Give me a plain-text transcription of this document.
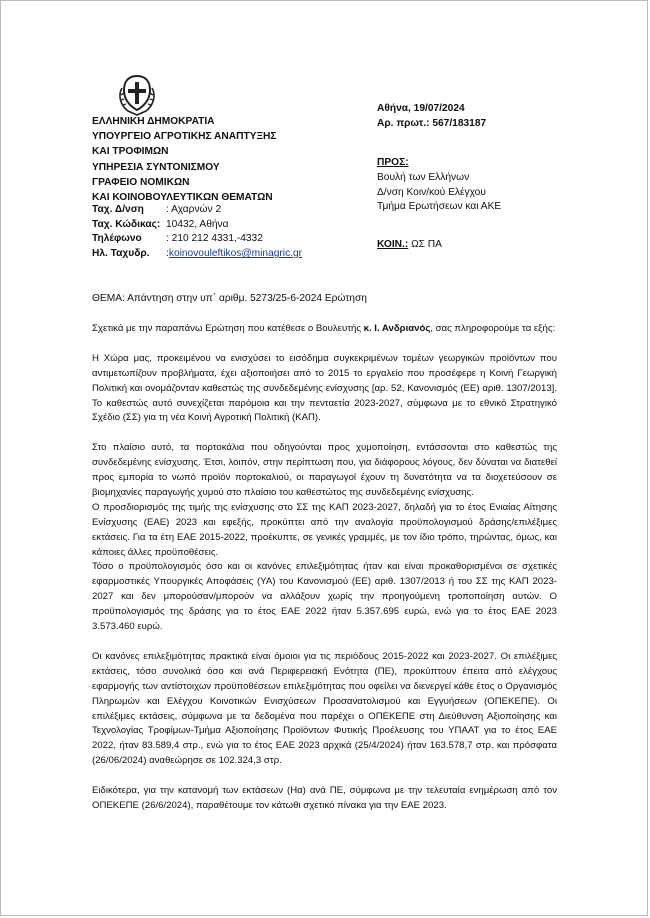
ΕΛΛΗΝΙΚΗ ΔΗΜΟΚΡΑΤΙΑ
ΥΠΟΥΡΓΕΙΟ ΑΓΡΟΤΙΚΗΣ ΑΝΑΠΤΥΞΗΣ
ΚΑΙ ΤΡΟΦΙΜΩΝ
ΥΠΗΡΕΣΙΑ ΣΥΝΤΟΝΙΣΜΟΥ
ΓΡΑΦΕΙΟ ΝΟΜΙΚΩΝ
ΚΑΙ ΚΟΙΝΟΒΟΥΛΕΥΤΙΚΩΝ ΘΕΜΑΤΩΝ
Ταχ. Δ/νση : Αχαρνών 2
Ταχ. Κώδικας:10432, Αθήνα
Τηλέφωνο : 210 212 4331,-4332
Ηλ. Ταχυδρ. :koinovouleftikos@minagric.gr
Αθήνα, 19/07/2024
Αρ. πρωτ.: 567/183187
ΠΡΟΣ:
Βουλή των Ελλήνων
Δ/νση Κοιν/κού Ελέγχου
Τμήμα Ερωτήσεων και ΑΚΕ
ΚΟΙΝ.: ΩΣ ΠΑ
ΘΕΜΑ: Απάντηση στην υπ΄ αριθμ. 5273/25-6-2024 Ερώτηση

Σχετικά με την παραπάνω Ερώτηση που κατέθεσε ο Βουλευτής κ. Ι. Ανδριανός, σας πληροφορούμε τα εξής:

Η Χώρα μας, προκειμένου να ενισχύσει το εισόδημα συγκεκριμένων τομέων γεωργικών προϊόντων που αντιμετωπίζουν προβλήματα, έχει αξιοποιήσει από το 2015 το εργαλείο που προσέφερε η Κοινή Γεωργική Πολιτική και ονομάζονταν καθεστώς της συνδεδεμένης ενίσχυσης [αρ. 52, Κανονισμός (ΕΕ) αριθ. 1307/2013]. Το καθεστώς αυτό συνεχίζεται παρόμοια και την πενταετία 2023-2027, σύμφωνα με το εθνικό Στρατηγικό Σχέδιο (ΣΣ) για τη νέα Κοινή Αγροτική Πολιτική (ΚΑΠ).

Στο πλαίσιο αυτό, τα πορτοκάλια που οδηγούνται προς χυμοποίηση, εντάσσονται στο καθεστώς της συνδεδεμένης ενίσχυσης. Έτσι, λοιπόν, στην περίπτωση που, για διάφορους λόγους, δεν δύναται να διατεθεί προς εμπορία το νωπό προϊόν πορτοκαλιού, οι παραγωγοί έχουν τη δυνατότητα να τα διοχετεύσουν σε βιομηχανίες παραγωγής χυμού στο πλαίσιο του καθεστώτος της συνδεδεμένης ενίσχυσης.

Ο προσδιορισμός της τιμής της ενίσχυσης στο ΣΣ της ΚΑΠ 2023-2027, δηλαδή για το έτος Ενιαίας Αίτησης Ενίσχυσης (ΕΑΕ) 2023 και εφεξής, προκύπτει από την αναλογία προϋπολογισμού δράσης/επιλέξιμες εκτάσεις. Για τα έτη ΕΑΕ 2015-2022, προέκυπτε, σε γενικές γραμμές, με τον ίδιο τρόπο, τηρώντας, όμως, και κάποιες άλλες προϋποθέσεις.

Τόσο ο προϋπολογισμός όσο και οι κανόνες επιλεξιμότητας ήταν και είναι προκαθορισμένοι σε σχετικές εφαρμοστικές Υπουργικές Αποφάσεις (ΥΑ) του Κανονισμού (ΕΕ) αριθ. 1307/2013 ή του ΣΣ της ΚΑΠ 2023-2027 και δεν μπορούσαν/μπορούν να αλλάξουν χωρίς την προηγούμενη τροποποίηση αυτών. Ο προϋπολογισμός της δράσης για το έτος ΕΑΕ 2022 ήταν 5.357.695 ευρώ, ενώ για το έτος ΕΑΕ 2023 3.573.460 ευρώ.

Οι κανόνες επιλεξιμότητας πρακτικά είναι όμοιοι για τις περιόδους 2015-2022 και 2023-2027. Οι επιλέξιμες εκτάσεις, τόσο συνολικά όσο και ανά Περιφερειακή Ενότητα (ΠΕ), προκύπτουν έπειτα από ελέγχους εφαρμογής των αντίστοιχων προϋποθέσεων επιλεξιμότητας που οφείλει να διενεργεί κάθε έτος ο Οργανισμός Πληρωμών και Ελέγχου Κοινοτικών Ενισχύσεων Προσανατολισμού και Εγγυήσεων (ΟΠΕΚΕΠΕ). Οι επιλέξιμες εκτάσεις, σύμφωνα με τα δεδομένα που παρέχει ο ΟΠΕΚΕΠΕ στη Διεύθυνση Αξιοποίησης και Τεχνολογίας Τροφίμων-Τμήμα Αξιοποίησης Προϊόντων Φυτικής Προέλευσης του ΥΠΑΑΤ για το έτος ΕΑΕ 2022, ήταν 83.589,4 στρ., ενώ για το έτος ΕΑΕ 2023 αρχικά (25/4/2024) ήταν 163.578,7 στρ. και πρόσφατα (26/06/2024) αναθεώρησε σε 102.324,3 στρ.

Ειδικότερα, για την κατανομή των εκτάσεων (Ηα) ανά ΠΕ, σύμφωνα με την τελευταία ενημέρωση από τον ΟΠΕΚΕΠΕ (26/6/2024), παραθέτουμε τον κάτωθι σχετικό πίνακα για την ΕΑΕ 2023.
